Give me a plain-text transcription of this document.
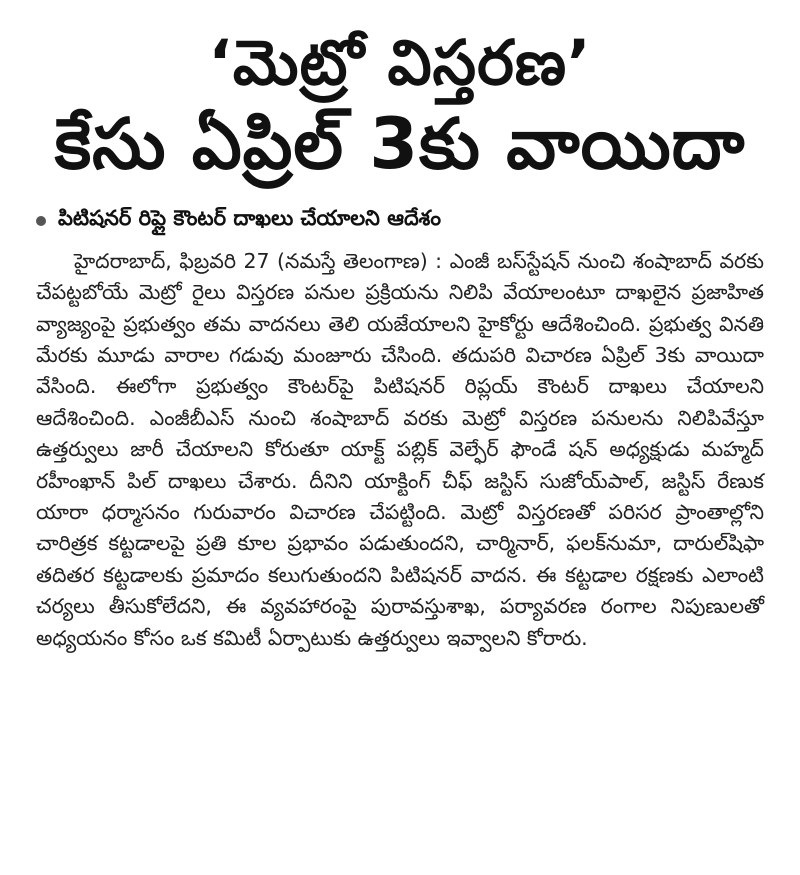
‘మెట్రో విస్తరణ’
కేసు ఏప్రిల్ 3కు వాయిదా
పిటిషనర్ రిప్లై కౌంటర్ దాఖలు చేయాలని ఆదేశం

హైదరాబాద్, ఫిబ్రవరి 27 (నమస్తే తెలంగాణ) : ఎంజీ బస్‌స్టేషన్ నుంచి శంషాబాద్ వరకు చేపట్టబోయే మెట్రో రైలు విస్తరణ పనుల ప్రక్రియను నిలిపి వేయాలంటూ దాఖలైన ప్రజాహిత వ్యాజ్యంపై ప్రభుత్వం తమ వాదనలు తెలి యజేయాలని హైకోర్టు ఆదేశించింది. ప్రభుత్వ వినతి మేరకు మూడు వారాల గడువు మంజూరు చేసింది. తదుపరి విచారణ ఏప్రిల్ 3కు వాయిదా వేసింది. ఈలోగా ప్రభుత్వం కౌంటర్‌పై పిటిషనర్ రిప్లయ్ కౌంటర్ దాఖలు చేయాలని ఆదేశించింది. ఎంజీబీఎస్ నుంచి శంషాబాద్ వరకు మెట్రో విస్తరణ పనులను నిలిపివేస్తూ ఉత్తర్వులు జారీ చేయాలని కోరుతూ యాక్ట్ పబ్లిక్ వెల్ఫేర్ ఫౌండే షన్ అధ్యక్షుడు మహ్మద్ రహీంఖాన్ పిల్ దాఖలు చేశారు. దీనిని యాక్టింగ్ చీఫ్ జస్టిస్ సుజోయ్‌పాల్, జస్టిస్ రేణుక యారా ధర్మాసనం గురువారం విచారణ చేపట్టింది. మెట్రో విస్తరణతో పరిసర ప్రాంతాల్లోని చారిత్రక కట్టడాలపై ప్రతి కూల ప్రభావం పడుతుందని, చార్మినార్, ఫలక్‌నుమా, దారుల్‌షిఫా తదితర కట్టడాలకు ప్రమాదం కలుగుతుందని పిటిషనర్ వాదన. ఈ కట్టడాల రక్షణకు ఎలాంటి చర్యలు తీసుకోలేదని, ఈ వ్యవహారంపై పురావస్తుశాఖ, పర్యావరణ రంగాల నిపుణులతో అధ్యయనం కోసం ఒక కమిటీ ఏర్పాటుకు ఉత్తర్వులు ఇవ్వాలని కోరారు.
